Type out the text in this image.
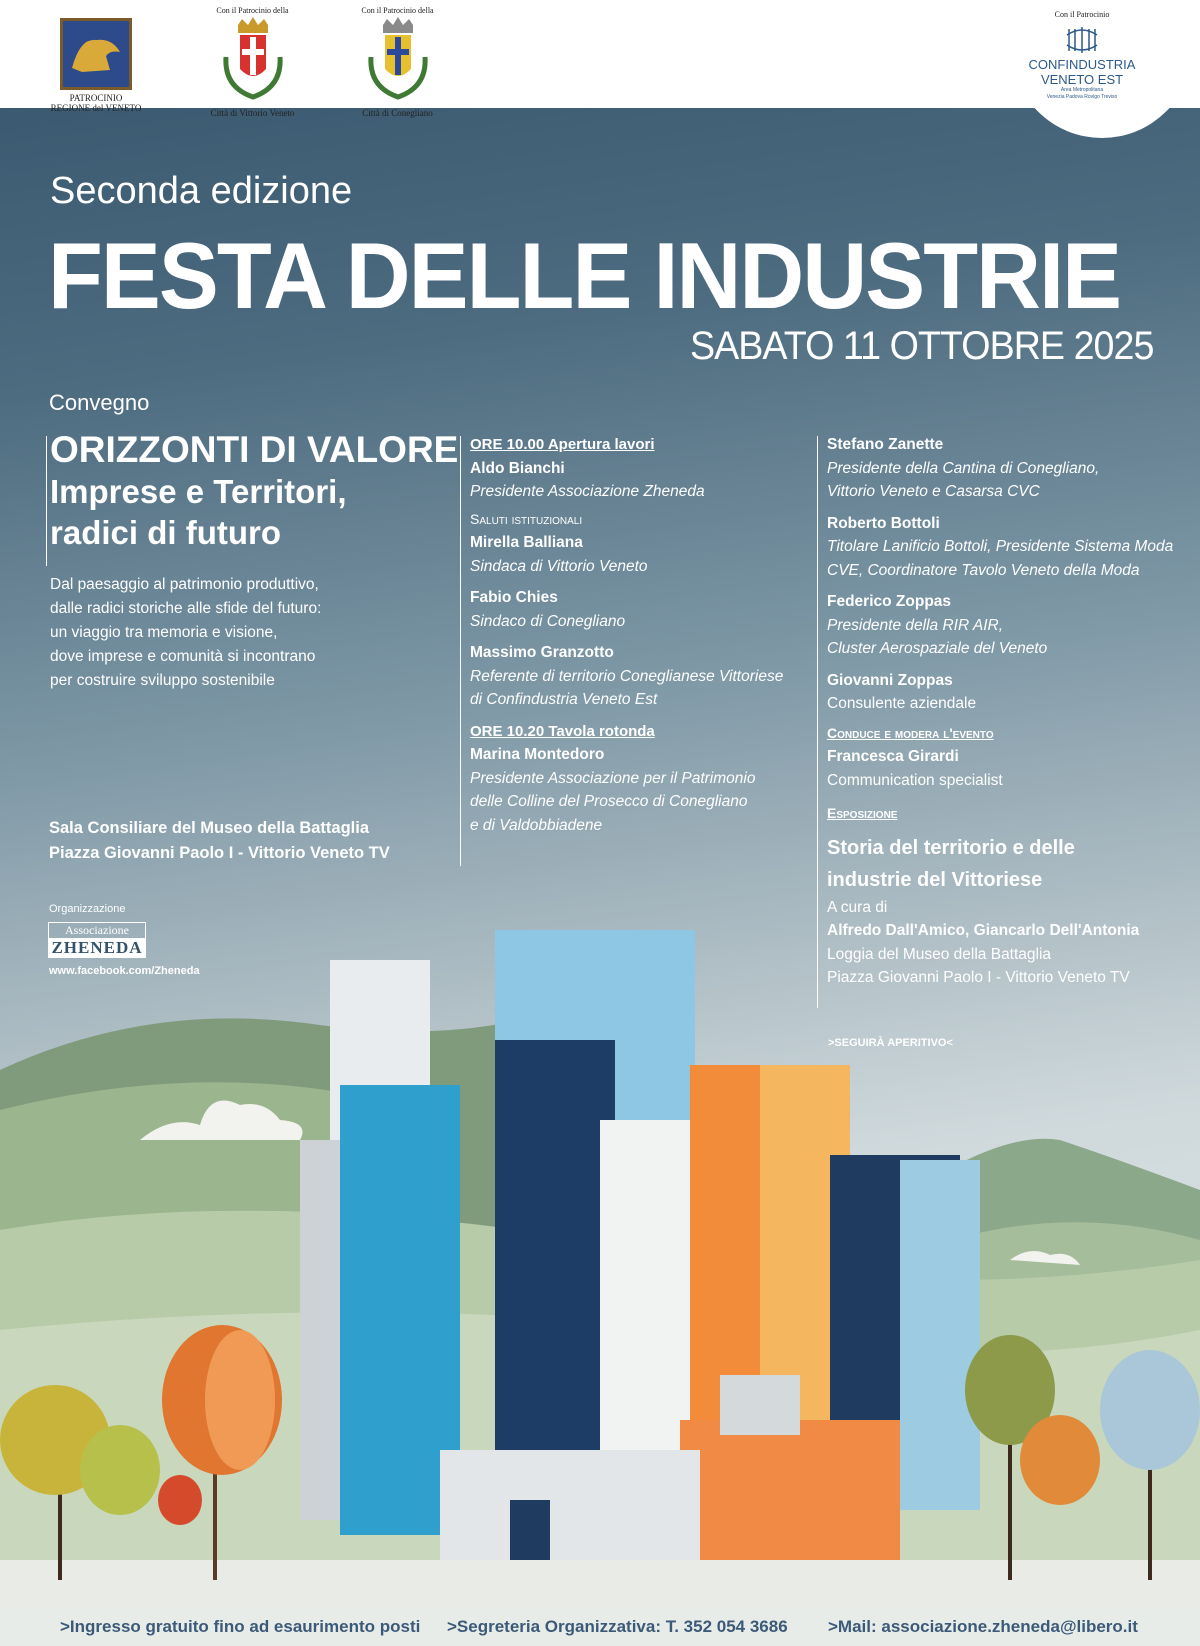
PATROCINIO
REGIONE del VENETO
Con il Patrocinio della
Città di Vittorio Veneto
Con il Patrocinio della
Città di Conegliano
Con il Patrocinio
CONFINDUSTRIA
VENETO EST
Area Metropolitana
Venezia Padova Rovigo Treviso
Seconda edizione
FESTA DELLE INDUSTRIE
SABATO 11 OTTOBRE 2025
Convegno
ORIZZONTI DI VALORE
Imprese e Territori,
radici di futuro
Dal paesaggio al patrimonio produttivo,
dalle radici storiche alle sfide del futuro:
un viaggio tra memoria e visione,
dove imprese e comunità si incontrano
per costruire sviluppo sostenibile
ORE 10.00 Apertura lavori
Aldo Bianchi
Presidente Associazione Zheneda
Saluti istituzionali
Mirella Balliana
Sindaca di Vittorio Veneto
Fabio Chies
Sindaco di Conegliano
Massimo Granzotto
Referente di territorio Coneglianese Vittoriese
di Confindustria Veneto Est
ORE 10.20 Tavola rotonda
Marina Montedoro
Presidente Associazione per il Patrimonio
delle Colline del Prosecco di Conegliano
e di Valdobbiadene
Stefano Zanette
Presidente della Cantina di Conegliano,
Vittorio Veneto e Casarsa CVC
Roberto Bottoli
Titolare Lanificio Bottoli, Presidente Sistema Moda
CVE, Coordinatore Tavolo Veneto della Moda
Federico Zoppas
Presidente della RIR AIR,
Cluster Aerospaziale del Veneto
Giovanni Zoppas
Consulente aziendale
Conduce e modera l'evento
Francesca Girardi
Communication specialist
Esposizione
Storia del territorio e delle
industrie del Vittoriese
A cura di
Alfredo Dall'Amico, Giancarlo Dell'Antonia
Loggia del Museo della Battaglia
Piazza Giovanni Paolo I - Vittorio Veneto TV
>SEGUIRÀ APERITIVO<
Sala Consiliare del Museo della Battaglia
Piazza Giovanni Paolo I - Vittorio Veneto TV
Organizzazione
Associazione
ZHENEDA
www.facebook.com/Zheneda
>Ingresso gratuito fino ad esaurimento posti >Segreteria Organizzativa: T. 352 054 3686 >Mail: associazione.zheneda@libero.it
